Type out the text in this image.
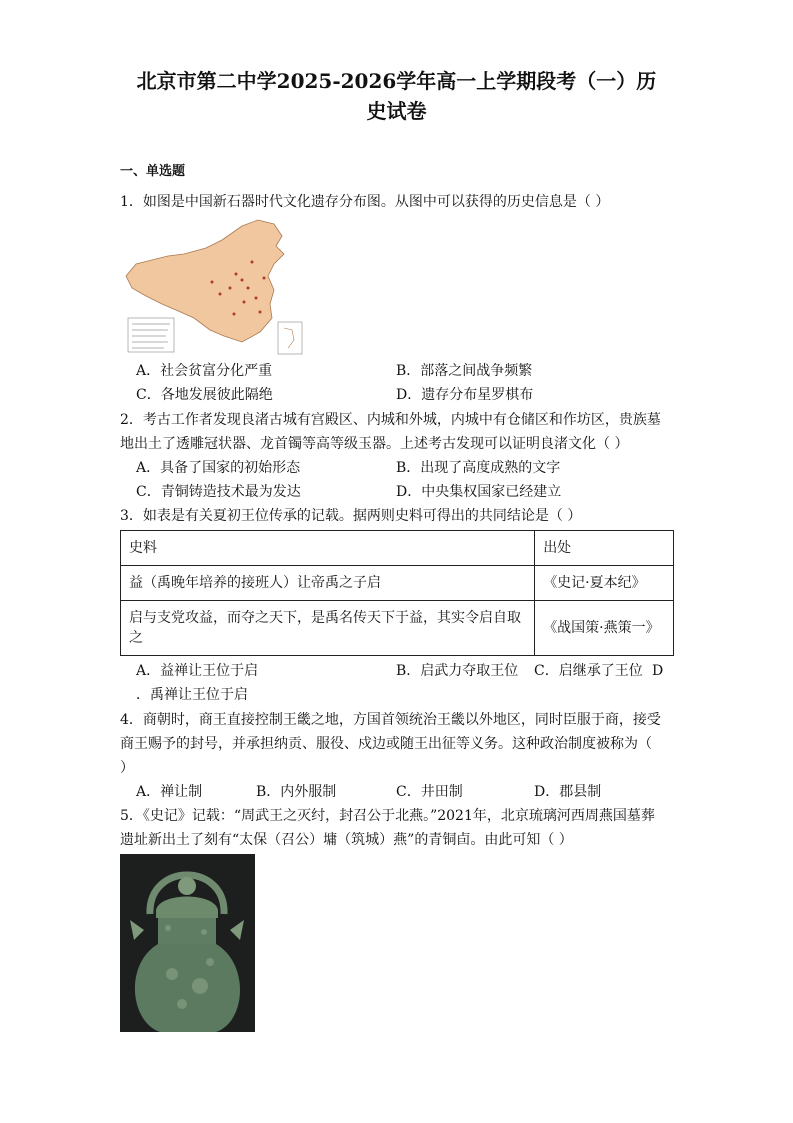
北京市第二中学2025-2026学年高一上学期段考（一）历
史试卷
一、单选题
1．如图是中国新石器时代文化遗存分布图。从图中可以获得的历史信息是（ ）
A．社会贫富分化严重	B．部落之间战争频繁
C．各地发展彼此隔绝	D．遗存分布星罗棋布
2．考古工作者发现良渚古城有宫殿区、内城和外城，内城中有仓储区和作坊区，贵族墓
地出土了透雕冠状器、龙首镯等高等级玉器。上述考古发现可以证明良渚文化（ ）
A．具备了国家的初始形态	B．出现了高度成熟的文字
C．青铜铸造技术最为发达	D．中央集权国家已经建立
3．如表是有关夏初王位传承的记载。据两则史料可得出的共同结论是（ ）
史料	出处
益（禹晚年培养的接班人）让帝禹之子启	《史记·夏本纪》
启与支党攻益，而夺之天下，是禹名传天下于益，其实令启自取之	《战国策·燕策一》
A．益禅让王位于启	B．启武力夺取王位 C．启继承了王位 D
．禹禅让王位于启
4．商朝时，商王直接控制王畿之地，方国首领统治王畿以外地区，同时臣服于商，接受
商王赐予的封号，并承担纳贡、服役、戍边或随王出征等义务。这种政治制度被称为（
）
A．禅让制	B．内外服制	C．井田制	D．郡县制
5．《史记》记载：“周武王之灭纣，封召公于北燕。”2021年，北京琉璃河西周燕国墓葬
遗址新出土了刻有“太保（召公）墉（筑城）燕”的青铜卣。由此可知（ ）
